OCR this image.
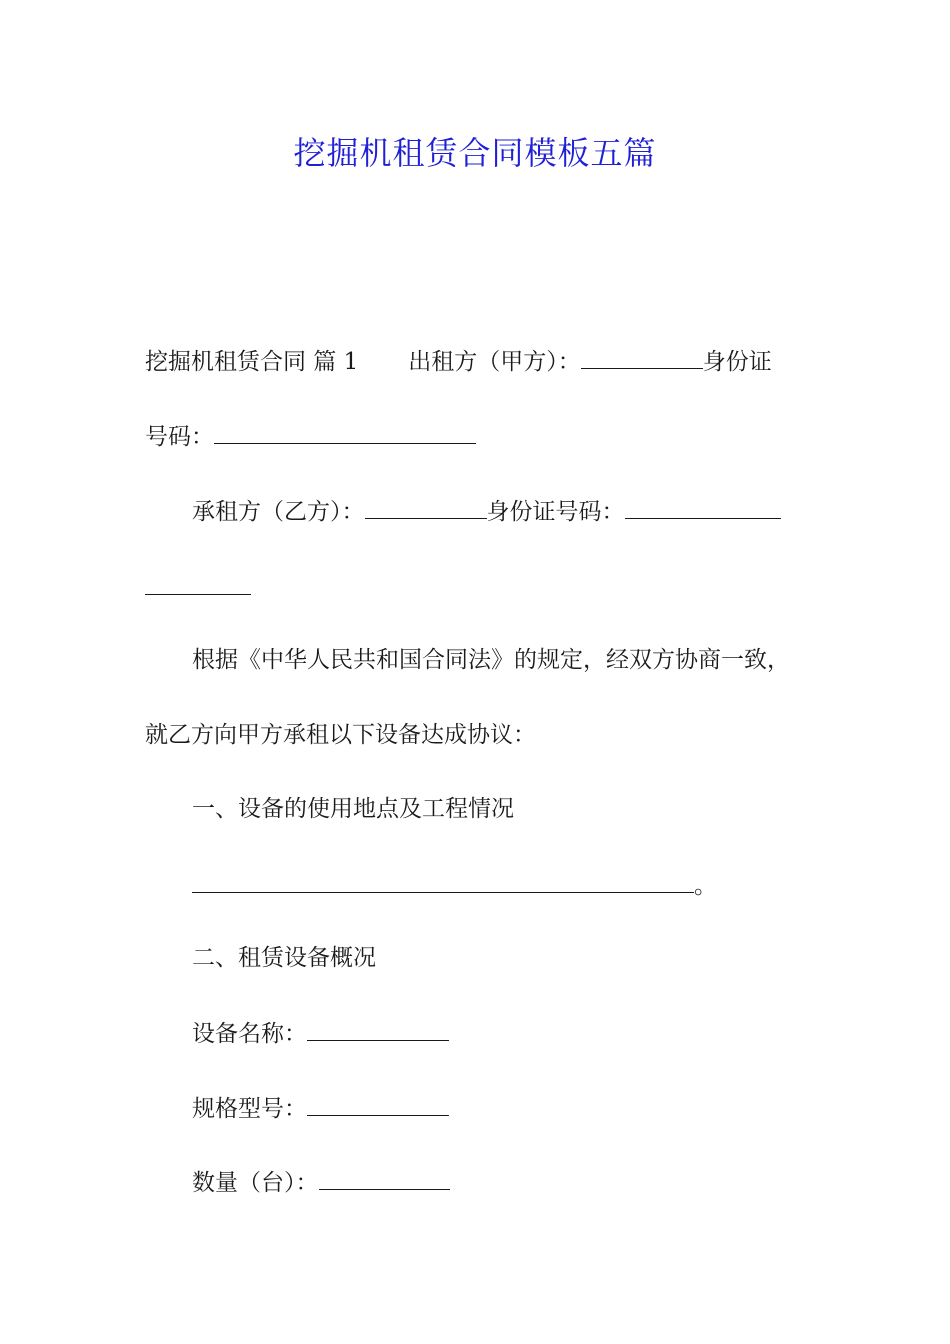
挖掘机租赁合同模板五篇
挖掘机租赁合同 篇 1 出租方（甲方）：	身份证
号码：
承租方（乙方）：	身份证号码：
根据《中华人民共和国合同法》的规定，经双方协商一致，
就乙方向甲方承租以下设备达成协议：
一、设备的使用地点及工程情况
。
二、租赁设备概况
设备名称：
规格型号：
数量（台）：
